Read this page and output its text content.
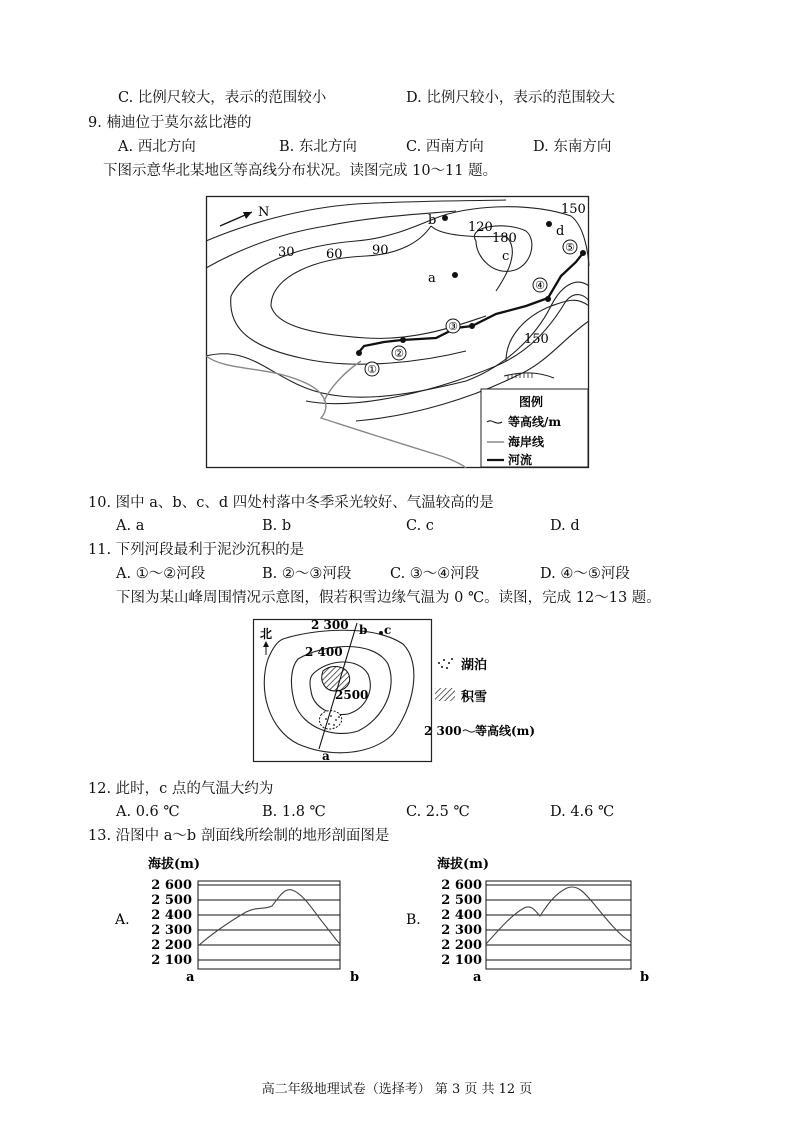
C. 比例尺较大，表示的范围较小	D. 比例尺较小，表示的范围较大
9. 楠迪位于莫尔兹比港的
A. 西北方向	B. 东北方向	C. 西南方向	D. 东南方向
下图示意华北某地区等高线分布状况。读图完成 10～11 题。
N
①
②
③
④
⑤
30 60 90
120
180
150
150
a
b
c
d
图例
等高线/m
海岸线
河流
10. 图中 a、b、c、d 四处村落中冬季采光较好、气温较高的是
A. a	B. b	C. c	D. d
11. 下列河段最利于泥沙沉积的是
A. ①～②河段	B. ②～③河段	C. ③～④河段	D. ④～⑤河段
下图为某山峰周围情况示意图，假若积雪边缘气温为 0 ℃。读图，完成 12～13 题。
北
2 300
2 400
2500
b c
a
湖泊
积雪
2 300 等高线(m)
12. 此时，c 点的气温大约为
A. 0.6 ℃	B. 1.8 ℃	C. 2.5 ℃	D. 4.6 ℃
13. 沿图中 a～b 剖面线所绘制的地形剖面图是
A.
海拔(m)
2 600
2 500
2 400
2 300
2 200
2 100
a	b
B.
海拔(m)
2 600
2 500
2 400
2 300
2 200
2 100
a	b
高二年级地理试卷（选择考） 第 3 页 共 12 页
